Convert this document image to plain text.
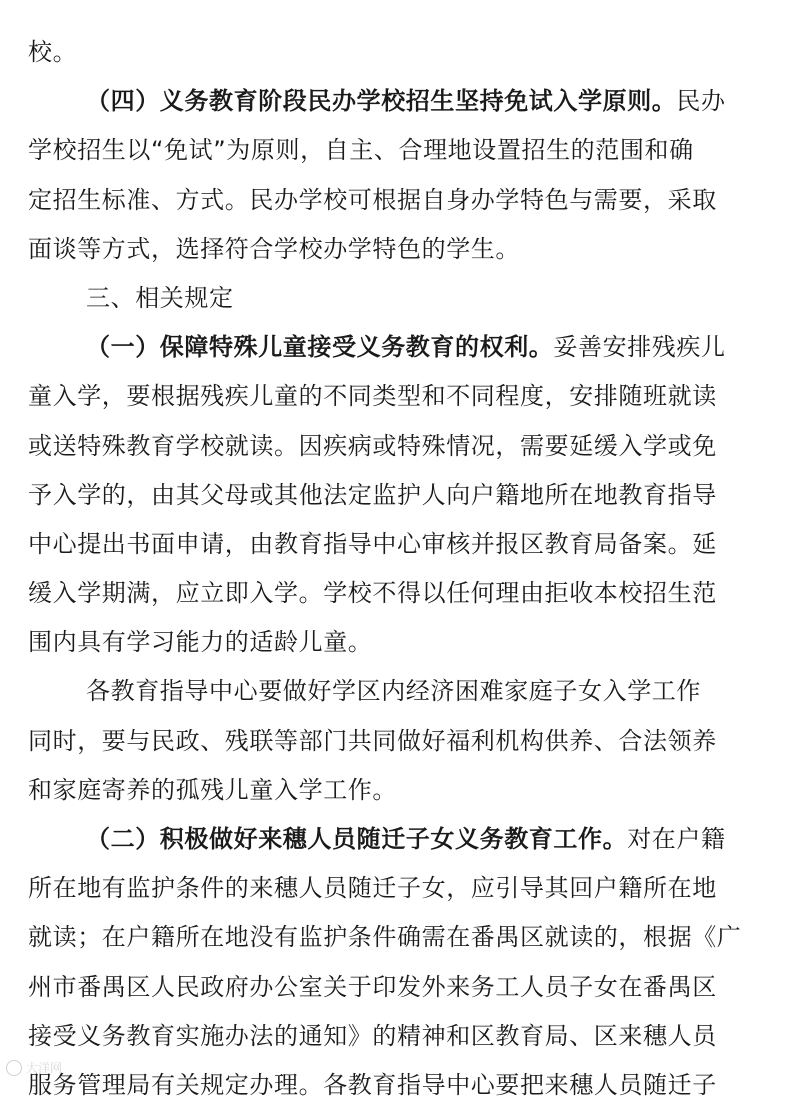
校。
（四）义务教育阶段民办学校招生坚持免试入学原则。民办
学校招生以“免试”为原则，自主、合理地设置招生的范围和确
定招生标准、方式。民办学校可根据自身办学特色与需要，采取
面谈等方式，选择符合学校办学特色的学生。
三、相关规定
（一）保障特殊儿童接受义务教育的权利。妥善安排残疾儿
童入学，要根据残疾儿童的不同类型和不同程度，安排随班就读
或送特殊教育学校就读。因疾病或特殊情况，需要延缓入学或免
予入学的，由其父母或其他法定监护人向户籍地所在地教育指导
中心提出书面申请，由教育指导中心审核并报区教育局备案。延
缓入学期满，应立即入学。学校不得以任何理由拒收本校招生范
围内具有学习能力的适龄儿童。
各教育指导中心要做好学区内经济困难家庭子女入学工作
同时，要与民政、残联等部门共同做好福利机构供养、合法领养
和家庭寄养的孤残儿童入学工作。
（二）积极做好来穗人员随迁子女义务教育工作。对在户籍
所在地有监护条件的来穗人员随迁子女，应引导其回户籍所在地
就读；在户籍所在地没有监护条件确需在番禺区就读的，根据《广
州市番禺区人民政府办公室关于印发外来务工人员子女在番禺区
接受义务教育实施办法的通知》的精神和区教育局、区来穗人员
服务管理局有关规定办理。各教育指导中心要把来穗人员随迁子
大洋网
